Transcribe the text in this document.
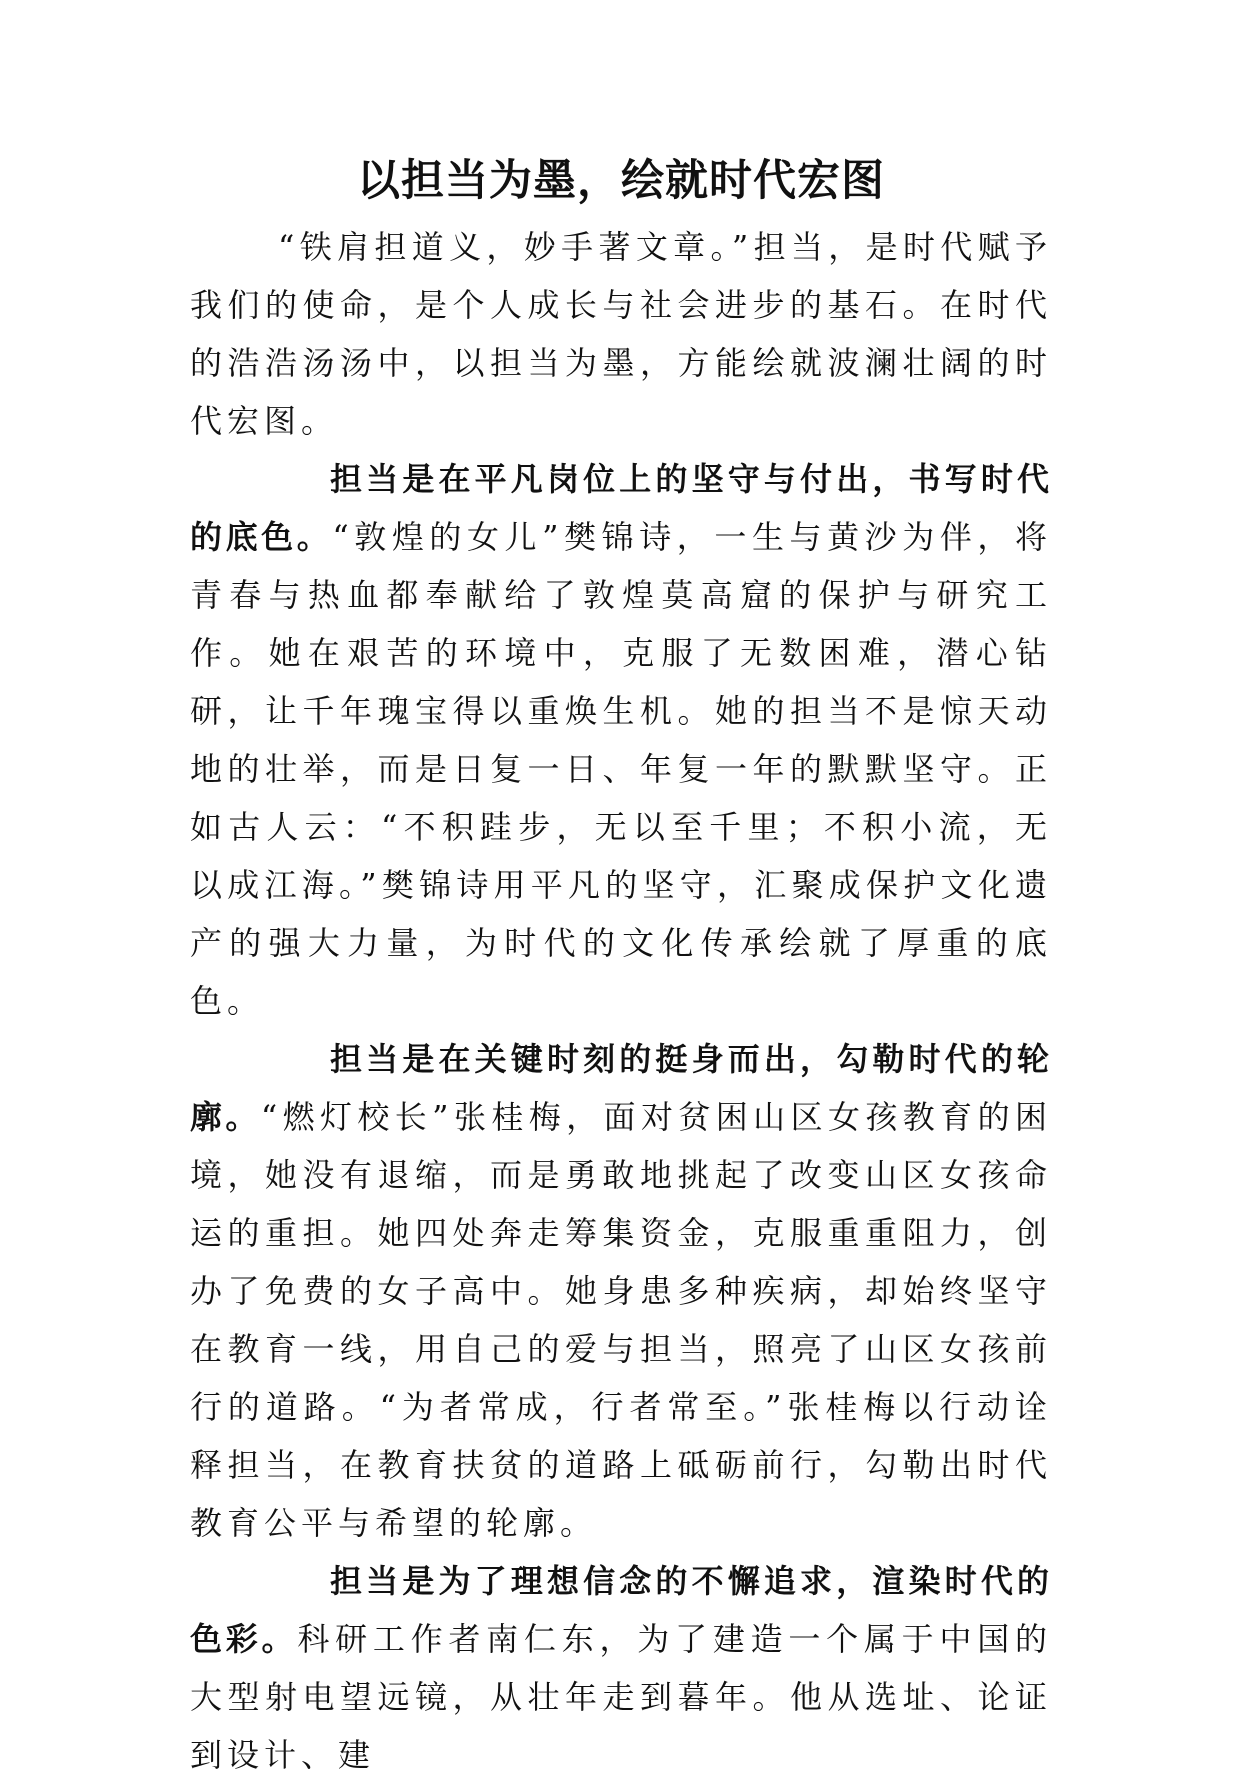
以担当为墨，绘就时代宏图

“铁肩担道义，妙手著文章。”担当，是时代赋予我们的使命，是个人成长与社会进步的基石。在时代的浩浩汤汤中，以担当为墨，方能绘就波澜壮阔的时代宏图。

担当是在平凡岗位上的坚守与付出，书写时代的底色。“敦煌的女儿”樊锦诗，一生与黄沙为伴，将青春与热血都奉献给了敦煌莫高窟的保护与研究工作。她在艰苦的环境中，克服了无数困难，潜心钻研，让千年瑰宝得以重焕生机。她的担当不是惊天动地的壮举，而是日复一日、年复一年的默默坚守。正如古人云：“不积跬步，无以至千里；不积小流，无以成江海。”樊锦诗用平凡的坚守，汇聚成保护文化遗产的强大力量，为时代的文化传承绘就了厚重的底色。

担当是在关键时刻的挺身而出，勾勒时代的轮廓。“燃灯校长”张桂梅，面对贫困山区女孩教育的困境，她没有退缩，而是勇敢地挑起了改变山区女孩命运的重担。她四处奔走筹集资金，克服重重阻力，创办了免费的女子高中。她身患多种疾病，却始终坚守在教育一线，用自己的爱与担当，照亮了山区女孩前行的道路。“为者常成，行者常至。”张桂梅以行动诠释担当，在教育扶贫的道路上砥砺前行，勾勒出时代教育公平与希望的轮廓。

担当是为了理想信念的不懈追求，渲染时代的色彩。科研工作者南仁东，为了建造一个属于中国的大型射电望远镜，从壮年走到暮年。他从选址、论证到设计、建
